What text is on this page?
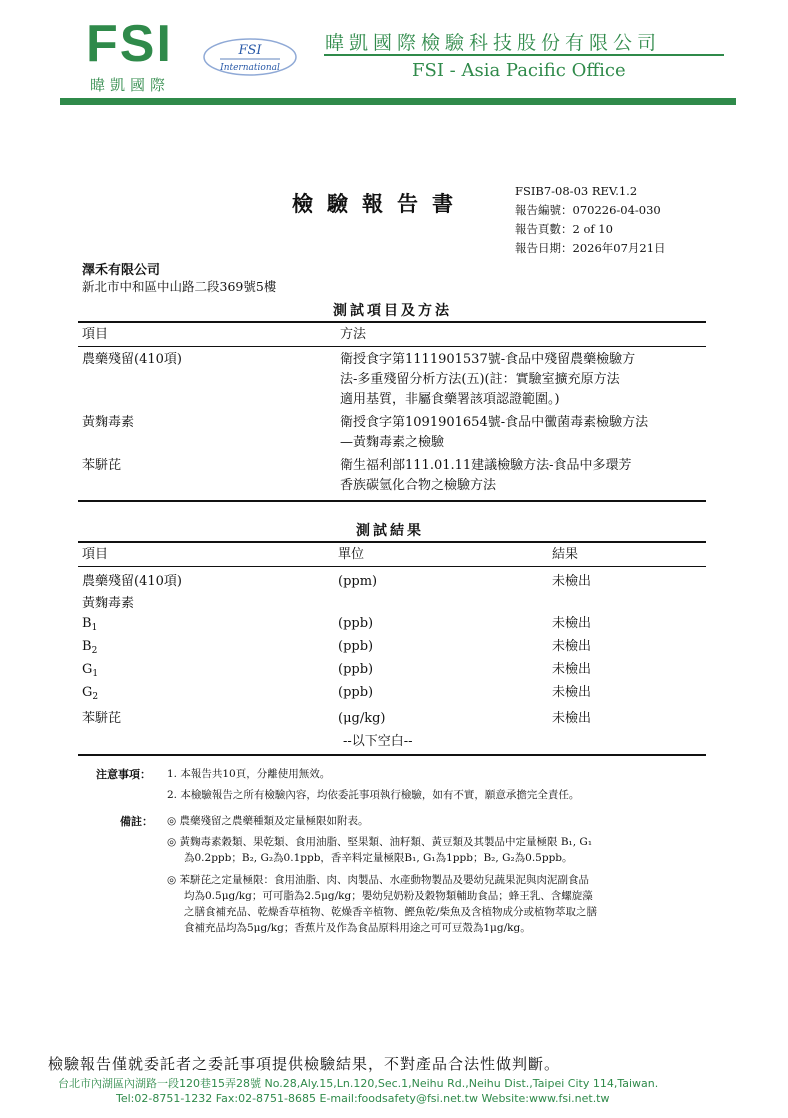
FSI
暐凱國際
FSI
International
暐凱國際檢驗科技股份有限公司
FSI - Asia Pacific Office
檢驗報告書	FSIB7-08-03 REV.1.2
報告編號：070226-04-030
報告頁數：2 of 10
報告日期：2026年07月21日
澤禾有限公司
新北市中和區中山路二段369號5樓
測試項目及方法
項目	方法
農藥殘留(410項)	衛授食字第1111901537號-食品中殘留農藥檢驗方
法-多重殘留分析方法(五)(註：實驗室擴充原方法
適用基質，非屬食藥署該項認證範圍。)
黃麴毒素	衛授食字第1091901654號-食品中黴菌毒素檢驗方法
—黃麴毒素之檢驗
苯駢芘	衛生福利部111.01.11建議檢驗方法-食品中多環芳
香族碳氫化合物之檢驗方法
測試結果
項目	單位	結果
農藥殘留(410項)	(ppm)	未檢出
黃麴毒素
$B_1$	(ppb)	未檢出
$B_2$	(ppb)	未檢出
$G_1$	(ppb)	未檢出
$G_2$	(ppb)	未檢出
苯駢芘	(μg/kg)	未檢出
--以下空白--
注意事項： 1. 本報告共10頁，分離使用無效。
2. 本檢驗報告之所有檢驗內容，均依委託事項執行檢驗，如有不實，願意承擔完全責任。
備註： ◎ 農藥殘留之農藥種類及定量極限如附表。
◎ 黃麴毒素穀類、果乾類、食用油脂、堅果類、油籽類、黃豆類及其製品中定量極限 B₁, G₁
為0.2ppb；B₂, G₂為0.1ppb，香辛料定量極限B₁, G₁為1ppb；B₂, G₂為0.5ppb。
◎ 苯駢芘之定量極限：食用油脂、肉、肉製品、水產動物製品及嬰幼兒蔬果泥與肉泥副食品
均為0.5μg/kg；可可脂為2.5μg/kg；嬰幼兒奶粉及穀物類輔助食品；蜂王乳、含螺旋藻
之膳食補充品、乾燥香草植物、乾燥香辛植物、鰹魚乾/柴魚及含植物成分或植物萃取之膳
食補充品均為5μg/kg；香蕉片及作為食品原料用途之可可豆殼為1μg/kg。
檢驗報告僅就委託者之委託事項提供檢驗結果，不對產品合法性做判斷。
台北市內湖區內湖路一段120巷15弄28號 No.28,Aly.15,Ln.120,Sec.1,Neihu Rd.,Neihu Dist.,Taipei City 114,Taiwan.
Tel:02-8751-1232 Fax:02-8751-8685 E-mail:foodsafety@fsi.net.tw Website:www.fsi.net.tw
